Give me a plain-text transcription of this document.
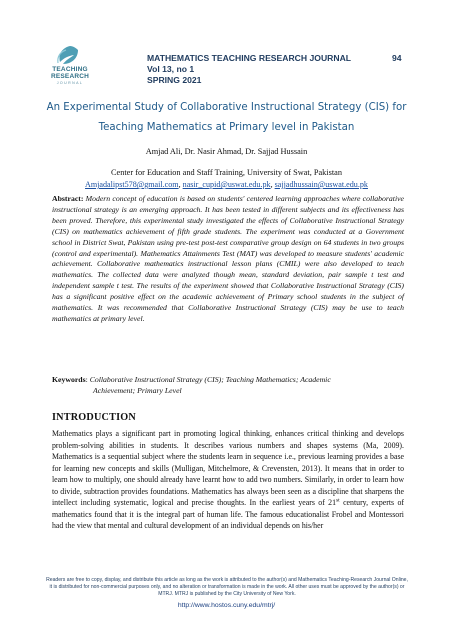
TEACHING
RESEARCH
JOURNAL
MATHEMATICS TEACHING RESEARCH JOURNAL
Vol 13, no 1
SPRING 2021
94
An Experimental Study of Collaborative Instructional Strategy (CIS) for
Teaching Mathematics at Primary level in Pakistan
Amjad Ali, Dr. Nasir Ahmad, Dr. Sajjad Hussain
Center for Education and Staff Training, University of Swat, Pakistan
Amjadalipst578@gmail.com, nasir_cupid@uswat.edu.pk, sajjadhussain@uswat.edu.pk
Abstract: Modern concept of education is based on students' centered learning approaches where collaborative instructional strategy is an emerging approach. It has been tested in different subjects and its effectiveness has been proved. Therefore, this experimental study investigated the effects of Collaborative Instructional Strategy (CIS) on mathematics achievement of fifth grade students. The experiment was conducted at a Government school in District Swat, Pakistan using pre-test post-test comparative group design on 64 students in two groups (control and experimental). Mathematics Attainments Test (MAT) was developed to measure students' academic achievement. Collaborative mathematics instructional lesson plans (CMIL) were also developed to teach mathematics. The collected data were analyzed though mean, standard deviation, pair sample t test and independent sample t test. The results of the experiment showed that Collaborative Instructional Strategy (CIS) has a significant positive effect on the academic achievement of Primary school students in the subject of mathematics. It was recommended that Collaborative Instructional Strategy (CIS) may be use to teach mathematics at primary level.
Keywords: Collaborative Instructional Strategy (CIS); Teaching Mathematics; Academic
Achievement; Primary Level
INTRODUCTION
Mathematics plays a significant part in promoting logical thinking, enhances critical thinking and develops problem-solving abilities in students. It describes various numbers and shapes systems (Ma, 2009). Mathematics is a sequential subject where the students learn in sequence i.e., previous learning provides a base for learning new concepts and skills (Mulligan, Mitchelmore, & Crevensten, 2013). It means that in order to learn how to multiply, one should already have learnt how to add two numbers. Similarly, in order to learn how to divide, subtraction provides foundations. Mathematics has always been seen as a discipline that sharpens the intellect including systematic, logical and precise thoughts. In the earliest years of 21st century, experts of mathematics found that it is the integral part of human life. The famous educationalist Frobel and Montessori had the view that mental and cultural development of an individual depends on his/her
Readers are free to copy, display, and distribute this article as long as the work is attributed to the author(s) and Mathematics Teaching-Research Journal Online, it is distributed for non-commercial purposes only, and no alteration or transformation is made in the work. All other uses must be approved by the author(s) or MTRJ. MTRJ is published by the City University of New York.
http://www.hostos.cuny.edu/mtrj/
